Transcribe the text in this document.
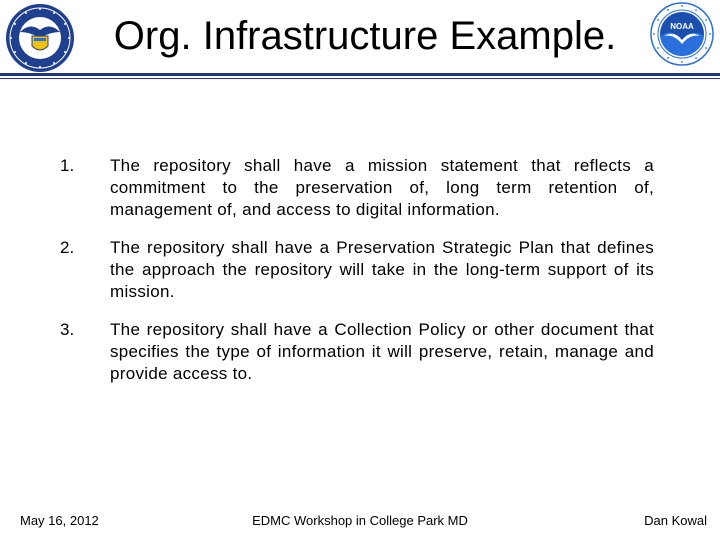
Org. Infrastructure Example.	NOAA
1.	The repository shall have a mission statement that reflects a commitment to the preservation of, long term retention of, management of, and access to digital information.
2.	The repository shall have a Preservation Strategic Plan that defines the approach the repository will take in the long-term support of its mission.
3.	The repository shall have a Collection Policy or other document that specifies the type of information it will preserve, retain, manage and provide access to.
May 16, 2012	EDMC Workshop in College Park MD	Dan Kowal
